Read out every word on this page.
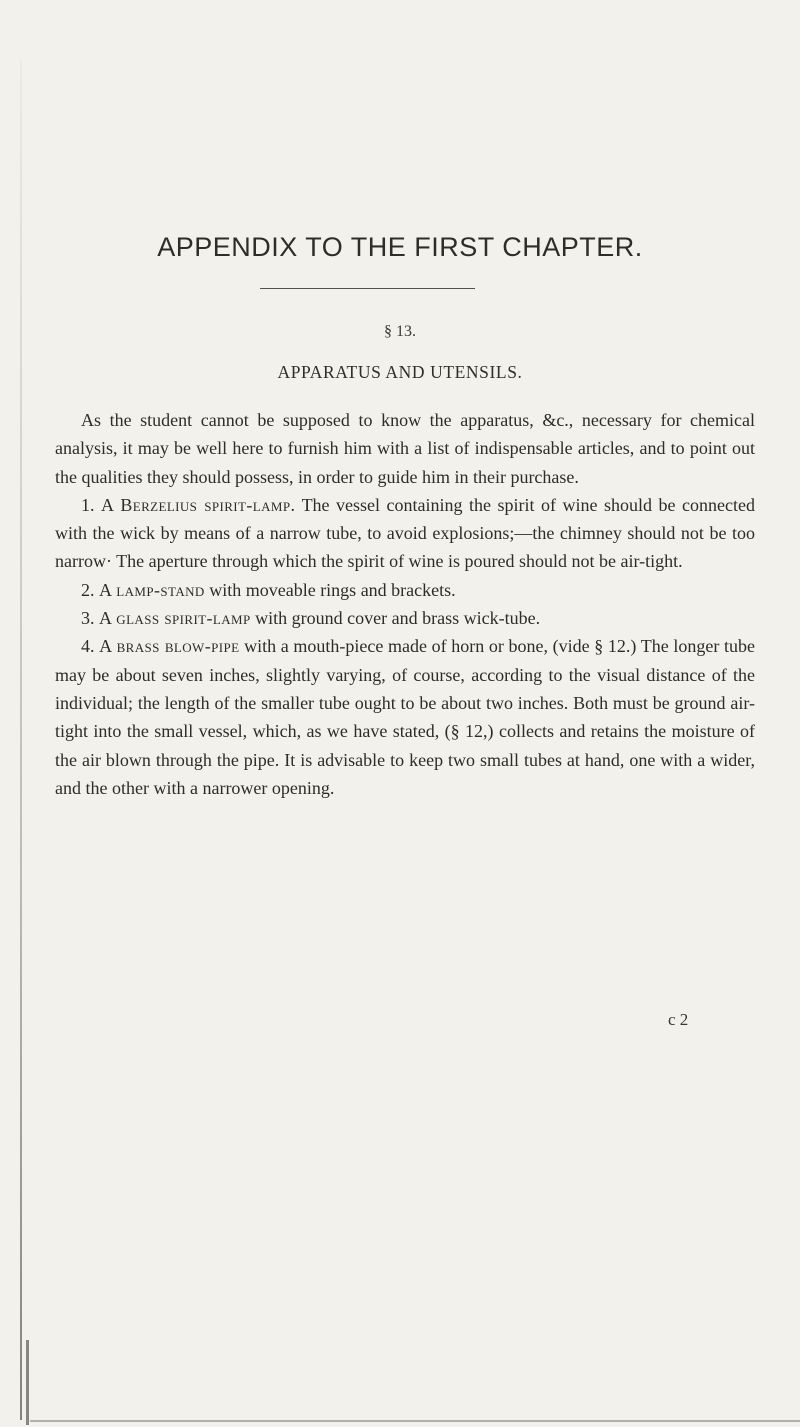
APPENDIX TO THE FIRST CHAPTER.
§ 13.
APPARATUS AND UTENSILS.

As the student cannot be supposed to know the apparatus, &c., necessary for chemical analysis, it may be well here to furnish him with a list of indispensable articles, and to point out the qualities they should possess, in order to guide him in their purchase.

1. A Berzelius spirit-lamp. The vessel containing the spirit of wine should be connected with the wick by means of a narrow tube, to avoid explosions;—the chimney should not be too narrow· The aperture through which the spirit of wine is poured should not be air-tight.

2. A lamp-stand with moveable rings and brackets.

3. A glass spirit-lamp with ground cover and brass wick-tube.

4. A brass blow-pipe with a mouth-piece made of horn or bone, (vide § 12.) The longer tube may be about seven inches, slightly varying, of course, according to the visual distance of the individual; the length of the smaller tube ought to be about two inches. Both must be ground air-tight into the small vessel, which, as we have stated, (§ 12,) collects and retains the moisture of the air blown through the pipe. It is advisable to keep two small tubes at hand, one with a wider, and the other with a narrower opening.

c 2
